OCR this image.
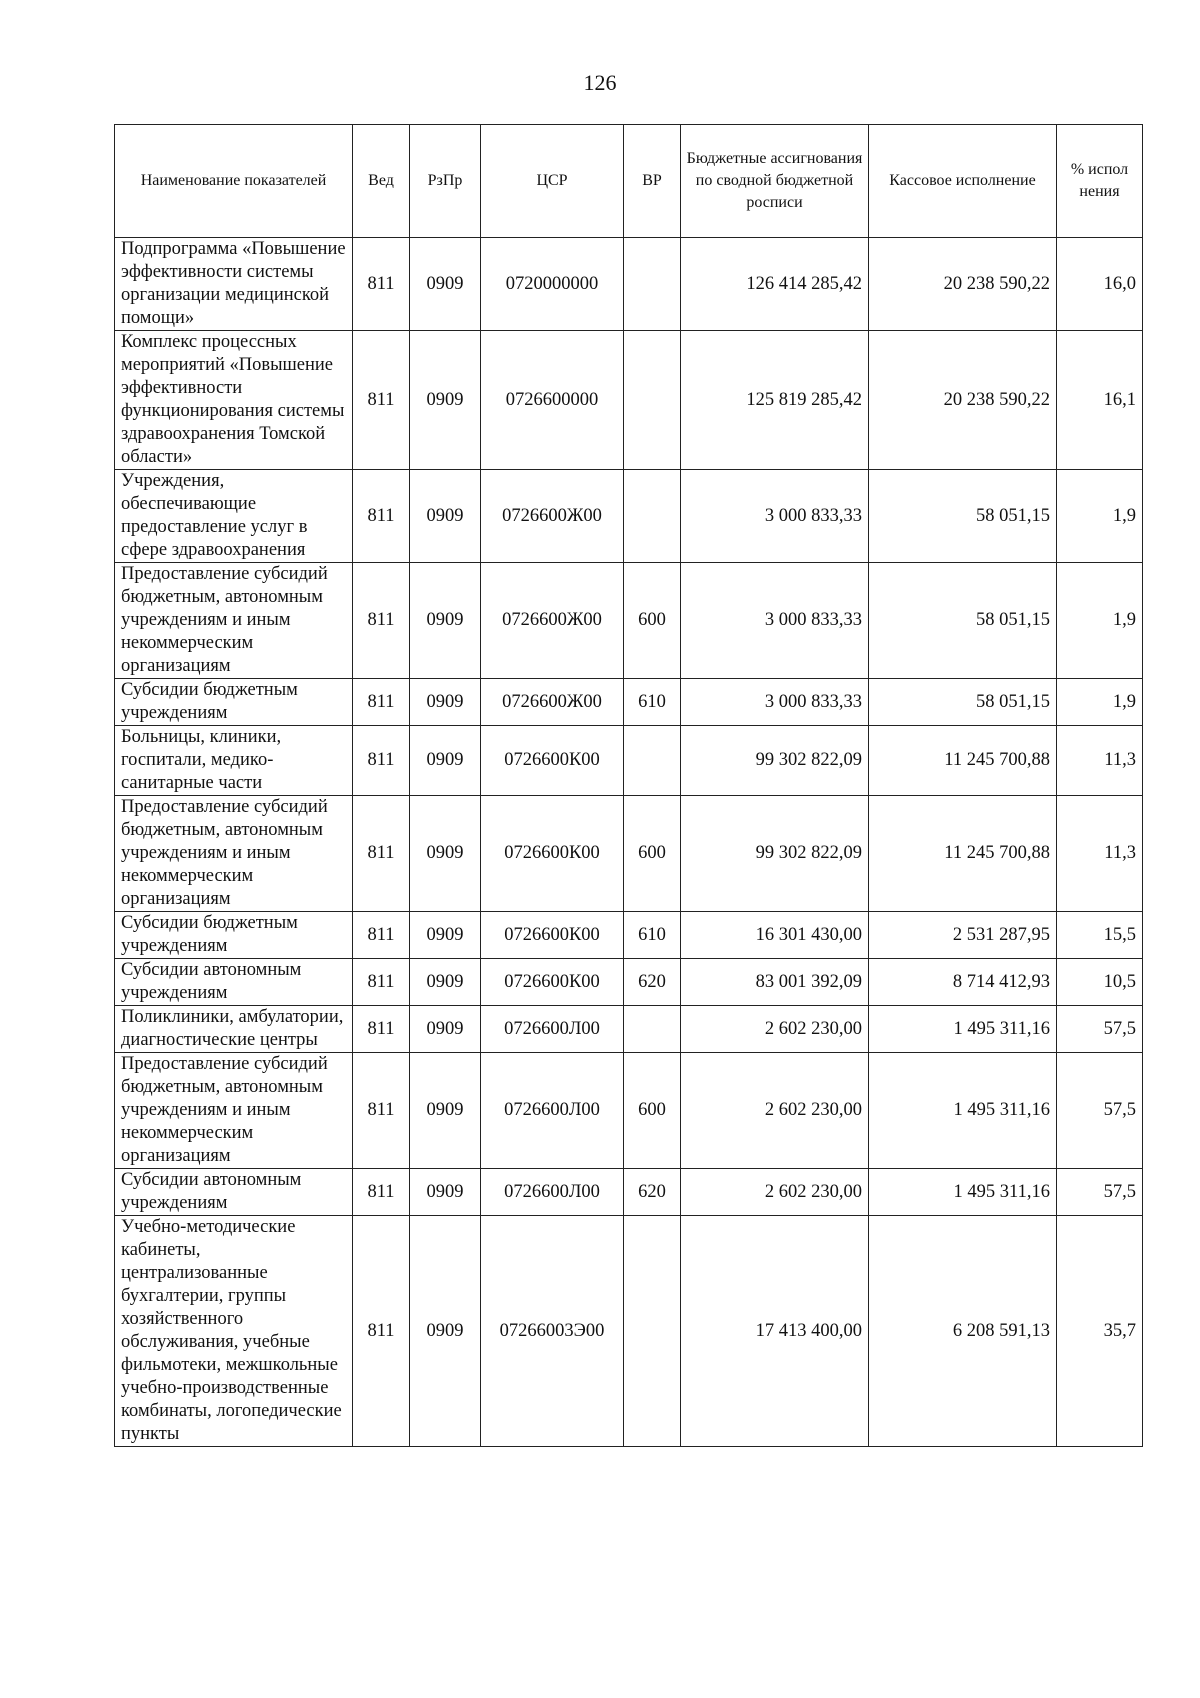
126
Наименование показателей	Вед	РзПр	ЦСР	ВР	Бюджетные ассигнования по сводной бюджетной росписи	Кассовое исполнение	% испол нения
Подпрограмма «Повышение эффективности системы организации медицинской помощи»	811	0909	0720000000		126 414 285,42	20 238 590,22	16,0
Комплекс процессных мероприятий «Повышение эффективности функционирования системы здравоохранения Томской области»	811	0909	0726600000		125 819 285,42	20 238 590,22	16,1
Учреждения, обеспечивающие предоставление услуг в сфере здравоохранения	811	0909	0726600Ж00		3 000 833,33	58 051,15	1,9
Предоставление субсидий бюджетным, автономным учреждениям и иным некоммерческим организациям	811	0909	0726600Ж00	600	3 000 833,33	58 051,15	1,9
Субсидии бюджетным учреждениям	811	0909	0726600Ж00	610	3 000 833,33	58 051,15	1,9
Больницы, клиники, госпитали, медико-санитарные части	811	0909	0726600К00		99 302 822,09	11 245 700,88	11,3
Предоставление субсидий бюджетным, автономным учреждениям и иным некоммерческим организациям	811	0909	0726600К00	600	99 302 822,09	11 245 700,88	11,3
Субсидии бюджетным учреждениям	811	0909	0726600К00	610	16 301 430,00	2 531 287,95	15,5
Субсидии автономным учреждениям	811	0909	0726600К00	620	83 001 392,09	8 714 412,93	10,5
Поликлиники, амбулатории, диагностические центры	811	0909	0726600Л00		2 602 230,00	1 495 311,16	57,5
Предоставление субсидий бюджетным, автономным учреждениям и иным некоммерческим организациям	811	0909	0726600Л00	600	2 602 230,00	1 495 311,16	57,5
Субсидии автономным учреждениям	811	0909	0726600Л00	620	2 602 230,00	1 495 311,16	57,5
Учебно-методические кабинеты, централизованные бухгалтерии, группы хозяйственного обслуживания, учебные фильмотеки, межшкольные учебно-производственные комбинаты, логопедические пункты	811	0909	07266003Э00		17 413 400,00	6 208 591,13	35,7
